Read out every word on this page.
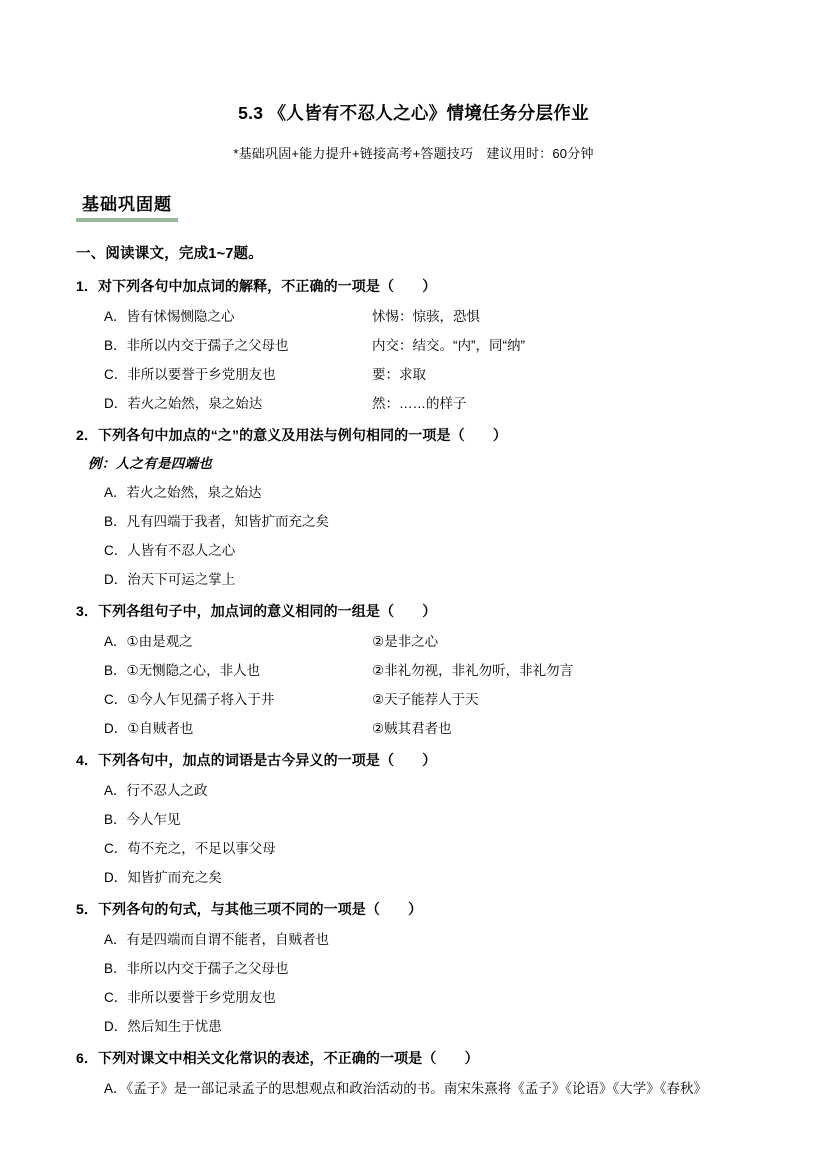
5.3 《人皆有不忍人之心》情境任务分层作业
*基础巩固+能力提升+链接高考+答题技巧　建议用时：60分钟
基础巩固题
一、阅读课文，完成1~7题。
1．对下列各句中加点词的解释，不正确的一项是（　　）
A．皆有怵惕恻隐之心	怵惕：惊骇，恐惧
B．非所以内交于孺子之父母也	内交：结交。“内”，同“纳”
C．非所以要誉于乡党朋友也	要：求取
D．若火之始然，泉之始达	然：……的样子
2．下列各句中加点的“之”的意义及用法与例句相同的一项是（　　）
例：人之有是四端也
A．若火之始然，泉之始达
B．凡有四端于我者，知皆扩而充之矣
C．人皆有不忍人之心
D．治天下可运之掌上
3．下列各组句子中，加点词的意义相同的一组是（　　）
A．①由是观之	②是非之心
B．①无恻隐之心，非人也	②非礼勿视，非礼勿听，非礼勿言
C．①今人乍见孺子将入于井	②天子能荐人于天
D．①自贼者也	②贼其君者也
4．下列各句中，加点的词语是古今异义的一项是（　　）
A．行不忍人之政
B．今人乍见
C．苟不充之，不足以事父母
D．知皆扩而充之矣
5．下列各句的句式，与其他三项不同的一项是（　　）
A．有是四端而自谓不能者，自贼者也
B．非所以内交于孺子之父母也
C．非所以要誉于乡党朋友也
D．然后知生于忧患
6．下列对课文中相关文化常识的表述，不正确的一项是（　　）
A．《孟子》是一部记录孟子的思想观点和政治活动的书。南宋朱熹将《孟子》《论语》《大学》《春秋》
